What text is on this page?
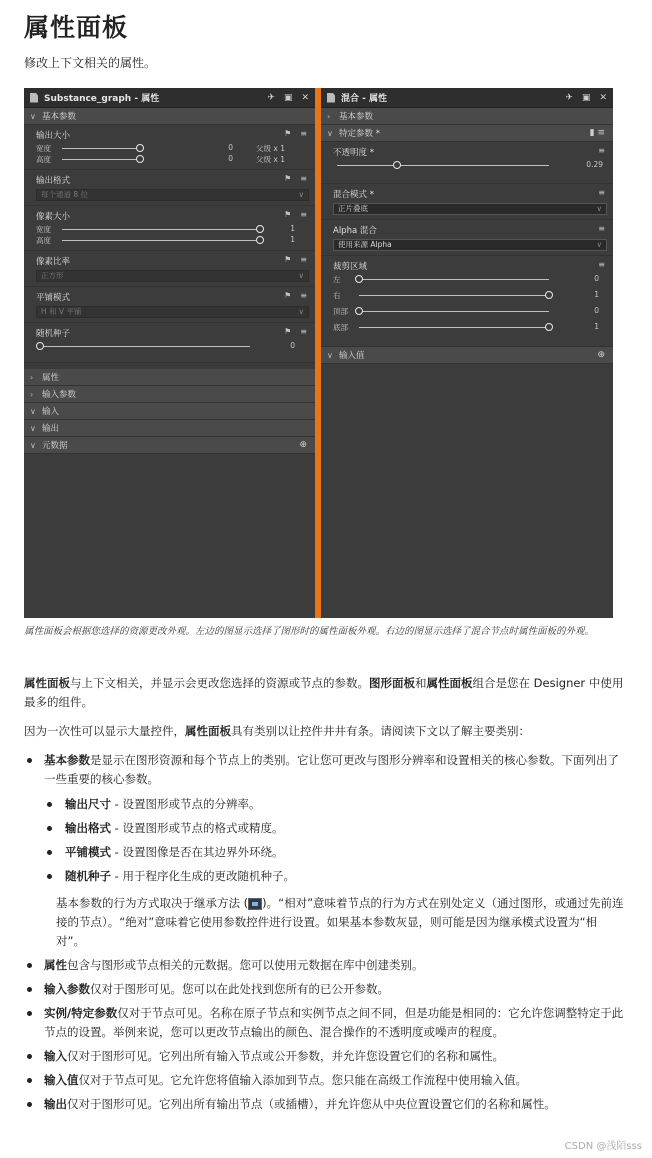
属性面板
修改上下文相关的属性。
Substance_graph - 属性	✈ ▣ ✕
∨ 基本参数
输出大小	⚑ ≡
宽度	0	父级 x 1
高度	0	父级 x 1
输出格式	⚑ ≡
每个通道 8 位	∨
像素大小	⚑ ≡
宽度	1
高度	1
像素比率	⚑ ≡
正方形	∨
平铺模式	⚑ ≡
H 和 V 平铺	∨
随机种子	⚑ ≡
0
›	属性
›	输入参数
∨ 输入
∨ 输出
∨ 元数据	⊕
混合 - 属性	✈ ▣ ✕
›	基本参数
∨ 特定参数 *	▮ ≡
不透明度 *	≡
0.29
混合模式 *	≡
正片叠底	∨
Alpha 混合	≡
使用来源 Alpha	∨
裁剪区域	≡
左	0
右	1
顶部	0
底部	1
∨ 输入值	⊕
属性面板会根据您选择的资源更改外观。左边的图显示选择了图形时的属性面板外观。右边的图显示选择了混合节点时属性面板的外观。

属性面板与上下文相关，并显示会更改您选择的资源或节点的参数。图形面板和属性面板组合是您在 Designer 中使用最多的组件。

因为一次性可以显示大量控件，属性面板具有类别以让控件井井有条。请阅读下文以了解主要类别：

基本参数是显示在图形资源和每个节点上的类别。它让您可更改与图形分辨率和设置相关的核心参数。下面列出了一些重要的核心参数。
输出尺寸 - 设置图形或节点的分辨率。
输出格式 - 设置图形或节点的格式或精度。
平铺模式 - 设置图像是否在其边界外环绕。
随机种子 - 用于程序化生成的更改随机种子。
基本参数的行为方式取决于继承方法 ( )。“相对”意味着节点的行为方式在别处定义（通过图形，或通过先前连接的节点）。“绝对”意味着它使用参数控件进行设置。如果基本参数灰显，则可能是因为继承模式设置为“相对”。
属性包含与图形或节点相关的元数据。您可以使用元数据在库中创建类别。
输入参数仅对于图形可见。您可以在此处找到您所有的已公开参数。
实例/特定参数仅对于节点可见。名称在原子节点和实例节点之间不同，但是功能是相同的：它允许您调整特定于此节点的设置。举例来说，您可以更改节点输出的颜色、混合操作的不透明度或噪声的程度。
输入仅对于图形可见。它列出所有输入节点或公开参数，并允许您设置它们的名称和属性。
输入值仅对于节点可见。它允许您将值输入添加到节点。您只能在高级工作流程中使用输入值。
输出仅对于图形可见。它列出所有输出节点（或插槽），并允许您从中央位置设置它们的名称和属性。
CSDN @浅陌sss
